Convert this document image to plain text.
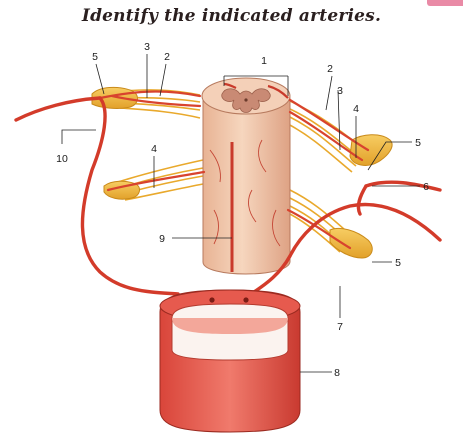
Identify the indicated arteries.
1
2
2
3
3
4
4
5
5
5
6
7
8
9
10
